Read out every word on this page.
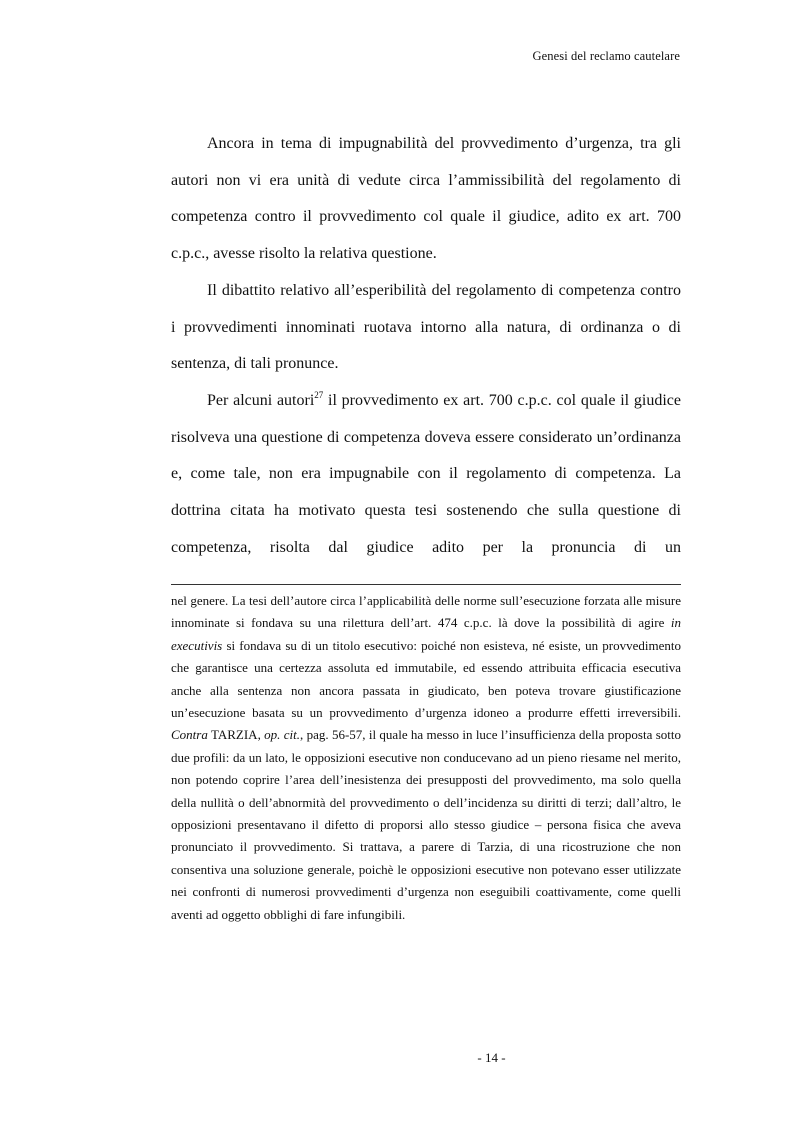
Genesi del reclamo cautelare

Ancora in tema di impugnabilità del provvedimento d’urgenza, tra gli autori non vi era unità di vedute circa l’ammissibilità del regolamento di competenza contro il provvedimento col quale il giudice, adito ex art. 700 c.p.c., avesse risolto la relativa questione.

Il dibattito relativo all’esperibilità del regolamento di competenza contro i provvedimenti innominati ruotava intorno alla natura, di ordinanza o di sentenza, di tali pronunce.

Per alcuni autori$^{27}$ il provvedimento ex art. 700 c.p.c. col quale il giudice risolveva una questione di competenza doveva essere considerato un’ordinanza e, come tale, non era impugnabile con il regolamento di competenza. La dottrina citata ha motivato questa tesi sostenendo che sulla questione di competenza, risolta dal giudice adito per la pronuncia di un

nel genere. La tesi dell’autore circa l’applicabilità delle norme sull’esecuzione forzata alle misure innominate si fondava su una rilettura dell’art. 474 c.p.c. là dove la possibilità di agire in executivis si fondava su di un titolo esecutivo: poiché non esisteva, né esiste, un provvedimento che garantisce una certezza assoluta ed immutabile, ed essendo attribuita efficacia esecutiva anche alla sentenza non ancora passata in giudicato, ben poteva trovare giustificazione un’esecuzione basata su un provvedimento d’urgenza idoneo a produrre effetti irreversibili. Contra TARZIA, op. cit., pag. 56-57, il quale ha messo in luce l’insufficienza della proposta sotto due profili: da un lato, le opposizioni esecutive non conducevano ad un pieno riesame nel merito, non potendo coprire l’area dell’inesistenza dei presupposti del provvedimento, ma solo quella della nullità o dell’abnormità del provvedimento o dell’incidenza su diritti di terzi; dall’altro, le opposizioni presentavano il difetto di proporsi allo stesso giudice – persona fisica che aveva pronunciato il provvedimento. Si trattava, a parere di Tarzia, di una ricostruzione che non consentiva una soluzione generale, poichè le opposizioni esecutive non potevano esser utilizzate nei confronti di numerosi provvedimenti d’urgenza non eseguibili coattivamente, come quelli aventi ad oggetto obblighi di fare infungibili.

- 14 -
